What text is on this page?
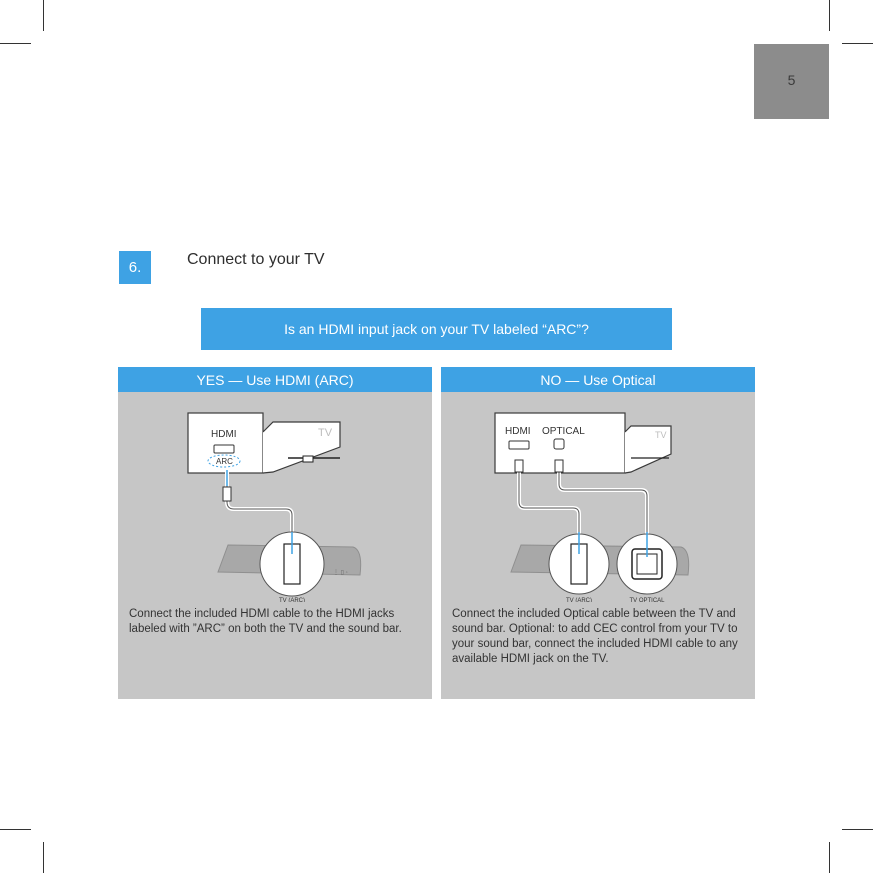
5
6.	Connect to your TV
Is an HDMI input jack on your TV labeled “ARC”?
YES — Use HDMI (ARC)
TV
HDMI
ARC
⋮ ▯ ◦
TV (ARC)
Connect the included HDMI cable to the HDMI jacks labeled with ”ARC” on both the TV and the sound bar.
NO — Use Optical
TV
HDMI OPTICAL
TV (ARC)	TV OPTICAL
Connect the included Optical cable between the TV and sound bar. Optional: to add CEC control from your TV to your sound bar, connect the included HDMI cable to any available HDMI jack on the TV.
